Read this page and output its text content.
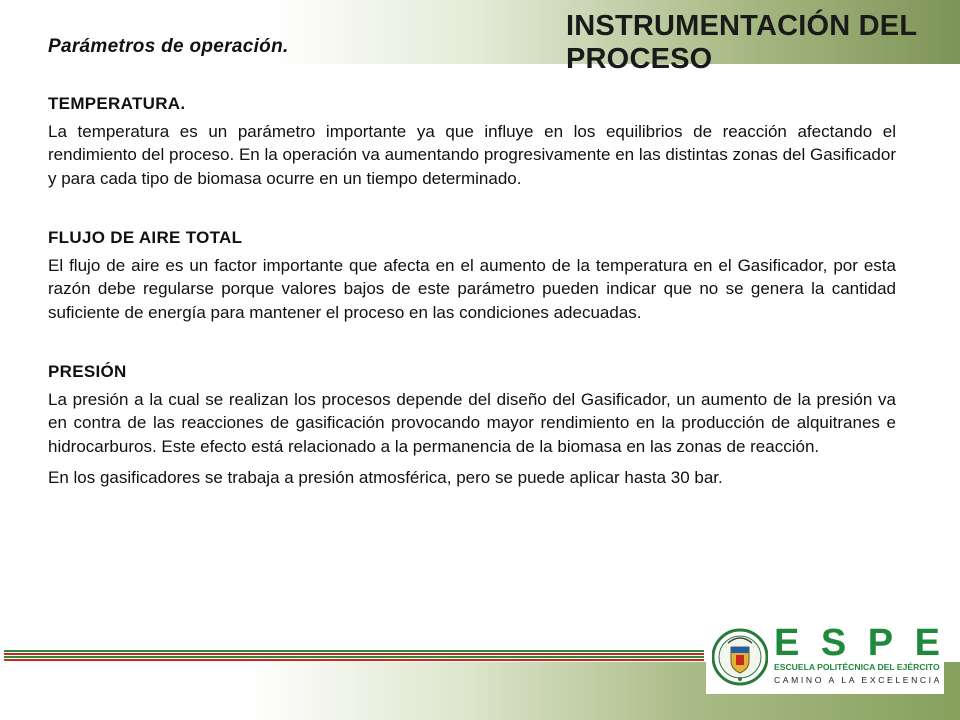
Parámetros de operación.
INSTRUMENTACIÓN DEL PROCESO
TEMPERATURA.

La temperatura es un parámetro importante ya que influye en los equilibrios de reacción afectando el rendimiento del proceso. En la operación va aumentando progresivamente en las distintas zonas del Gasificador y para cada tipo de biomasa ocurre en un tiempo determinado.

FLUJO DE AIRE TOTAL

El flujo de aire es un factor importante que afecta en el aumento de la temperatura en el Gasificador, por esta razón debe regularse porque valores bajos de este parámetro pueden indicar que no se genera la cantidad suficiente de energía para mantener el proceso en las condiciones adecuadas.

PRESIÓN

La presión a la cual se realizan los procesos depende del diseño del Gasificador, un aumento de la presión va en contra de las reacciones de gasificación provocando mayor rendimiento en la producción de alquitranes e hidrocarburos. Este efecto está relacionado a la permanencia de la biomasa en las zonas de reacción.

En los gasificadores se trabaja a presión atmosférica, pero se puede aplicar hasta 30 bar.

E S P E
ESCUELA POLITÉCNICA DEL EJÉRCITO
CAMINO A LA EXCELENCIA
